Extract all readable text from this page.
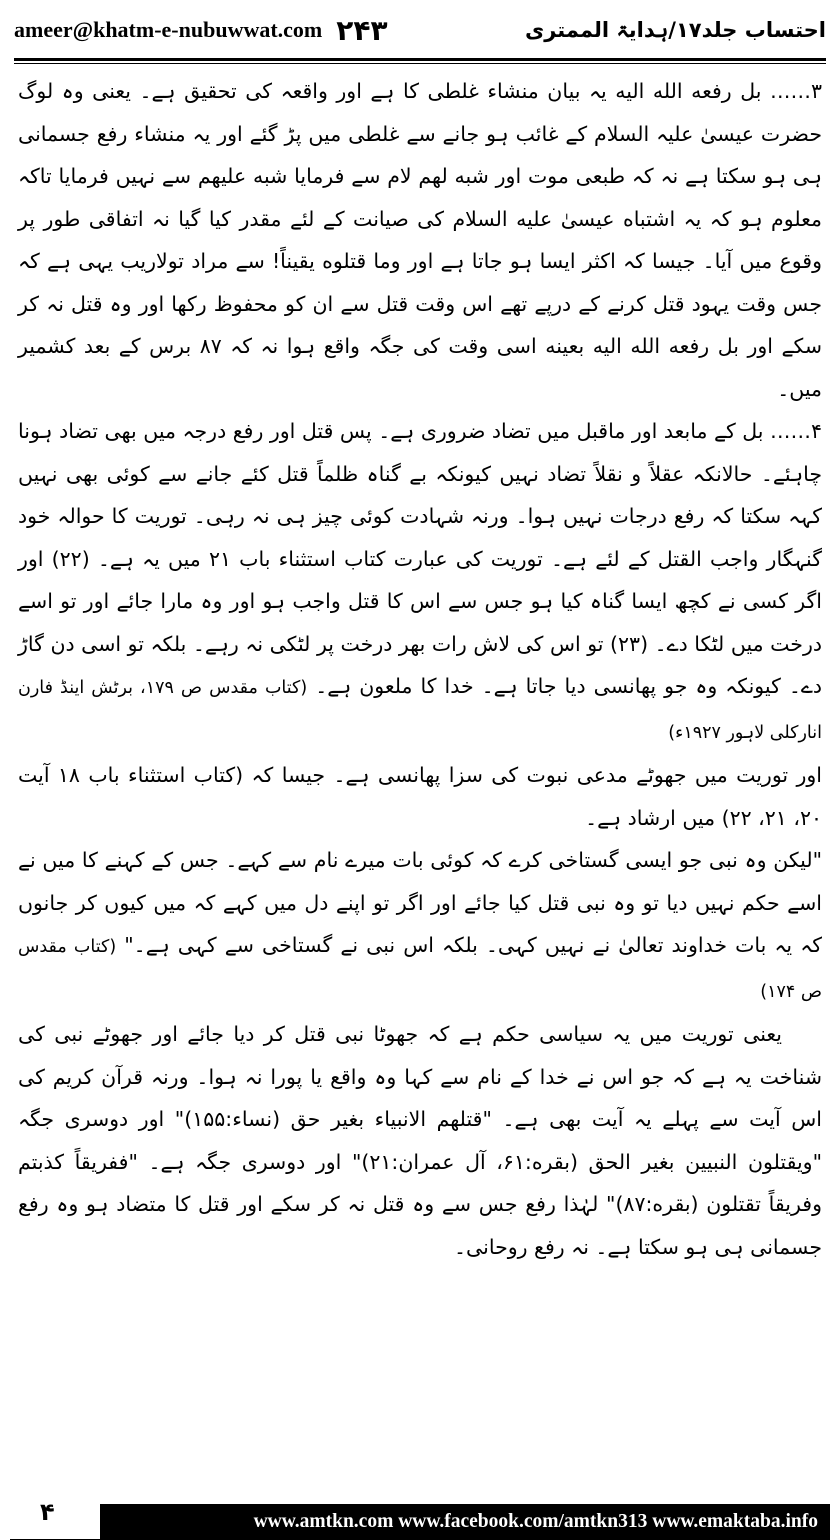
ameer@khatm-e-nubuwwat.com ۲۴۳	احتساب جلد۱۷/ہدایۃ الممتری

۳…… بل رفعه الله اليه یہ بیان منشاء غلطی کا ہے اور واقعہ کی تحقیق ہے۔ یعنی وہ لوگ حضرت عیسیٰ علیہ السلام کے غائب ہو جانے سے غلطی میں پڑ گئے اور یہ منشاء رفع جسمانی ہی ہو سکتا ہے نہ کہ طبعی موت اور شبه لهم لام سے فرمایا شبه عليهم سے نہیں فرمایا تاکہ معلوم ہو کہ یہ اشتباه عيسىٰ عليه السلام کی صیانت کے لئے مقدر کیا گیا نہ اتفاقی طور پر وقوع میں آیا۔ جیسا کہ اکثر ایسا ہو جاتا ہے اور وما قتلوه يقيناً! سے مراد تولاریب یہی ہے کہ جس وقت یہود قتل کرنے کے درپے تھے اس وقت قتل سے ان کو محفوظ رکھا اور وہ قتل نہ کر سکے اور بل رفعه الله اليه بعينه اسی وقت کی جگہ واقع ہوا نہ کہ ۸۷ برس کے بعد کشمیر میں۔

۴…… بل کے مابعد اور ماقبل میں تضاد ضروری ہے۔ پس قتل اور رفع درجہ میں بھی تضاد ہونا چاہئے۔ حالانکہ عقلاً و نقلاً تضاد نہیں کیونکہ بے گناہ ظلماً قتل کئے جانے سے کوئی بھی نہیں کہہ سکتا کہ رفع درجات نہیں ہوا۔ ورنہ شہادت کوئی چیز ہی نہ رہی۔ توریت کا حوالہ خود گنہگار واجب القتل کے لئے ہے۔ توریت کی عبارت کتاب استثناء باب ۲۱ میں یہ ہے۔ (۲۲) اور اگر کسی نے کچھ ایسا گناہ کیا ہو جس سے اس کا قتل واجب ہو اور وہ مارا جائے اور تو اسے درخت میں لٹکا دے۔ (۲۳) تو اس کی لاش رات بھر درخت پر لٹکی نہ رہے۔ بلکہ تو اسی دن گاڑ دے۔ کیونکہ وہ جو پھانسی دیا جاتا ہے۔ خدا کا ملعون ہے۔ (کتاب مقدس ص ۱۷۹، برٹش اینڈ فارن انارکلی لاہور ۱۹۲۷ء)

اور توریت میں جھوٹے مدعی نبوت کی سزا پھانسی ہے۔ جیسا کہ (کتاب استثناء باب ۱۸ آیت ۲۰، ۲۱، ۲۲) میں ارشاد ہے۔

"لیکن وہ نبی جو ایسی گستاخی کرے کہ کوئی بات میرے نام سے کہے۔ جس کے کہنے کا میں نے اسے حکم نہیں دیا تو وہ نبی قتل کیا جائے اور اگر تو اپنے دل میں کہے کہ میں کیوں کر جانوں کہ یہ بات خداوند تعالیٰ نے نہیں کہی۔ بلکہ اس نبی نے گستاخی سے کہی ہے۔" (کتاب مقدس ص ۱۷۴)

یعنی توریت میں یہ سیاسی حکم ہے کہ جھوٹا نبی قتل کر دیا جائے اور جھوٹے نبی کی شناخت یہ ہے کہ جو اس نے خدا کے نام سے کہا وہ واقع یا پورا نہ ہوا۔ ورنہ قرآن کریم کی اس آیت سے پہلے یہ آیت بھی ہے۔ "قتلهم الانبياء بغير حق (نساء:۱۵۵)" اور دوسری جگہ "ويقتلون النبيين بغير الحق (بقره:۶۱، آل عمران:۲۱)" اور دوسری جگہ ہے۔ "ففريقاً كذبتم وفريقاً تقتلون (بقره:۸۷)" لہٰذا رفع جس سے وہ قتل نہ کر سکے اور قتل کا متضاد ہو وہ رفع جسمانی ہی ہو سکتا ہے۔ نہ رفع روحانی۔

۴	www.amtkn.com www.facebook.com/amtkn313 www.emaktaba.info
